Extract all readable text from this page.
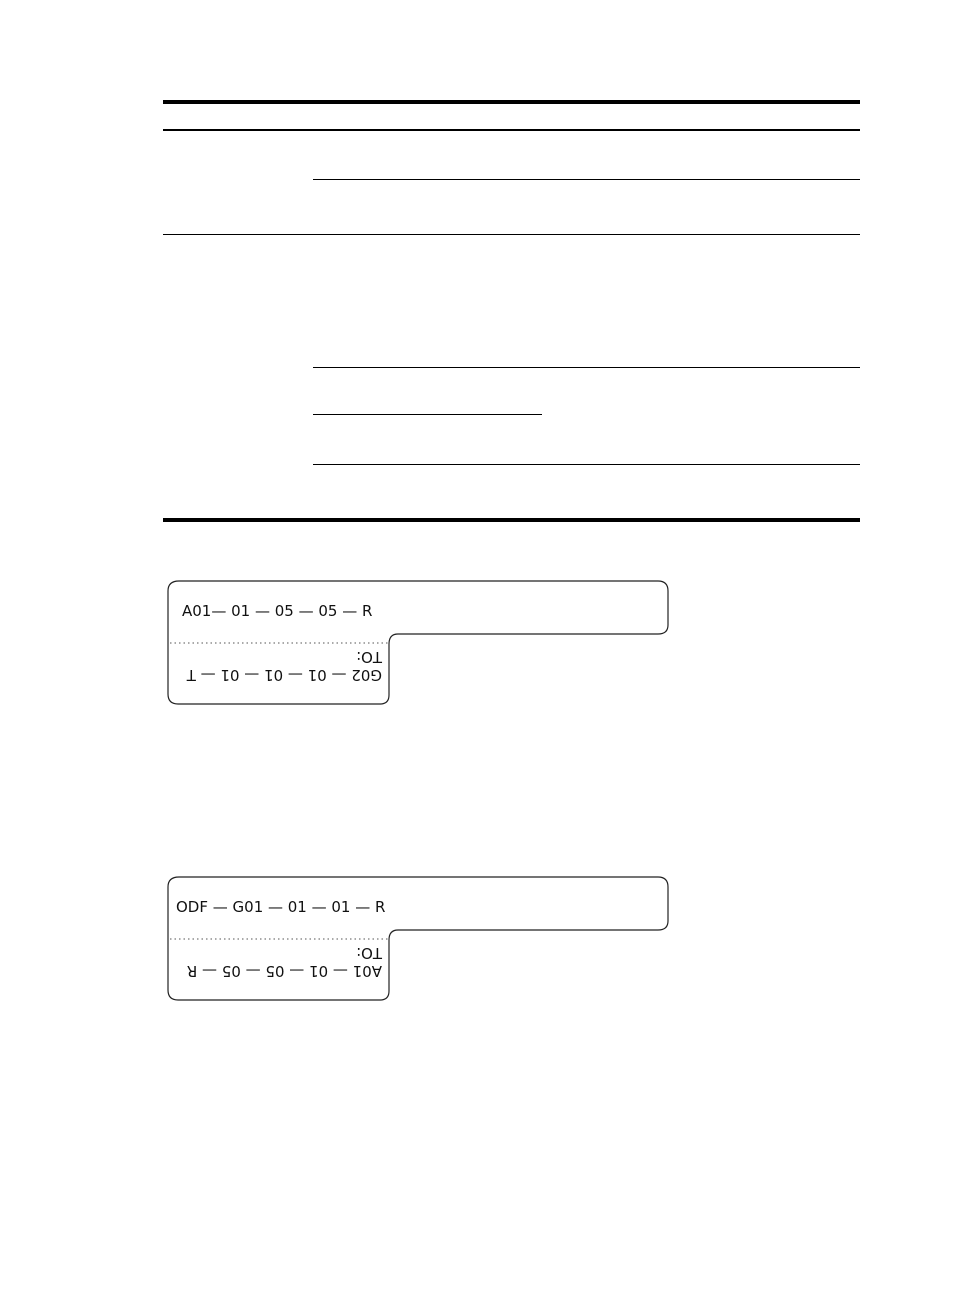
A01— 01 — 05 — 05 — R
TO:
G02 — 01 — 01 — 01 — T
ODF — G01 — 01 — 01 — R
TO:
A01 — 01 — 05 — 05 — R
